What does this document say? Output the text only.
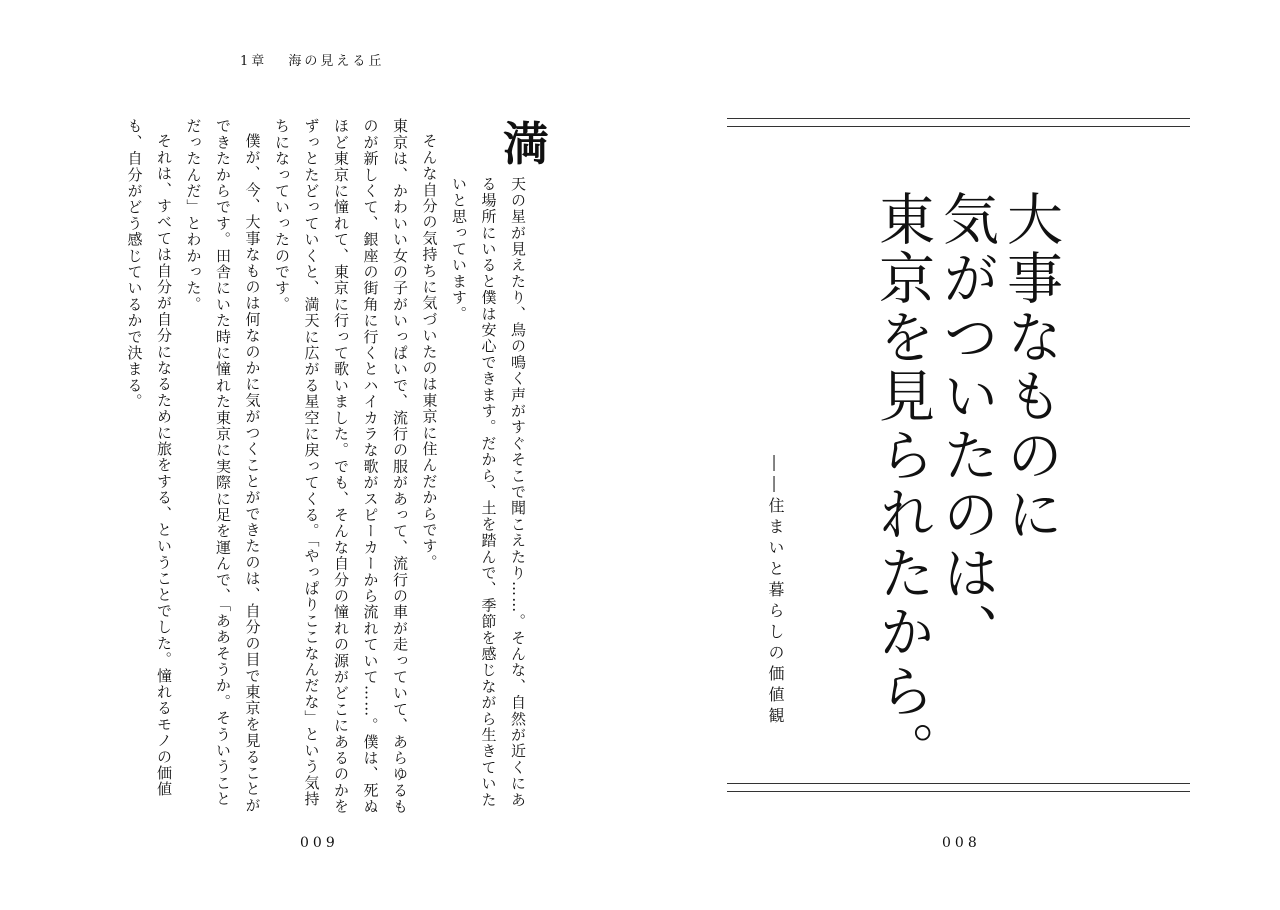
1章 海の見える丘
満

天の星が見えたり、鳥の鳴く声がすぐそこで聞こえたり……。そんな、自然が近くにある場所にいると僕は安心できます。だから、土を踏んで、季節を感じながら生きていたいと思っています。

そんな自分の気持ちに気づいたのは東京に住んだからです。

東京は、かわいい女の子がいっぱいで、流行の服があって、流行の車が走っていて、あらゆるものが新しくて、銀座の街角に行くとハイカラな歌がスピーカーから流れていて……。僕は、死ぬほど東京に憧れて、東京に行って歌いました。でも、そんな自分の憧れの源がどこにあるのかをずっとたどっていくと、満天に広がる星空に戻ってくる。「やっぱりここなんだな」という気持ちになっていったのです。

僕が、今、大事なものは何なのかに気がつくことができたのは、自分の目で東京を見ることができたからです。田舎にいた時に憧れた東京に実際に足を運んで、「ああそうか。そういうことだったんだ」とわかった。

それは、すべては自分が自分になるために旅をする、ということでした。憧れるモノの価値も、自分がどう感じているかで決まる。

009
大事なものに
気がついたのは、
東京を見られたから。
――住まいと暮らしの価値観
008
